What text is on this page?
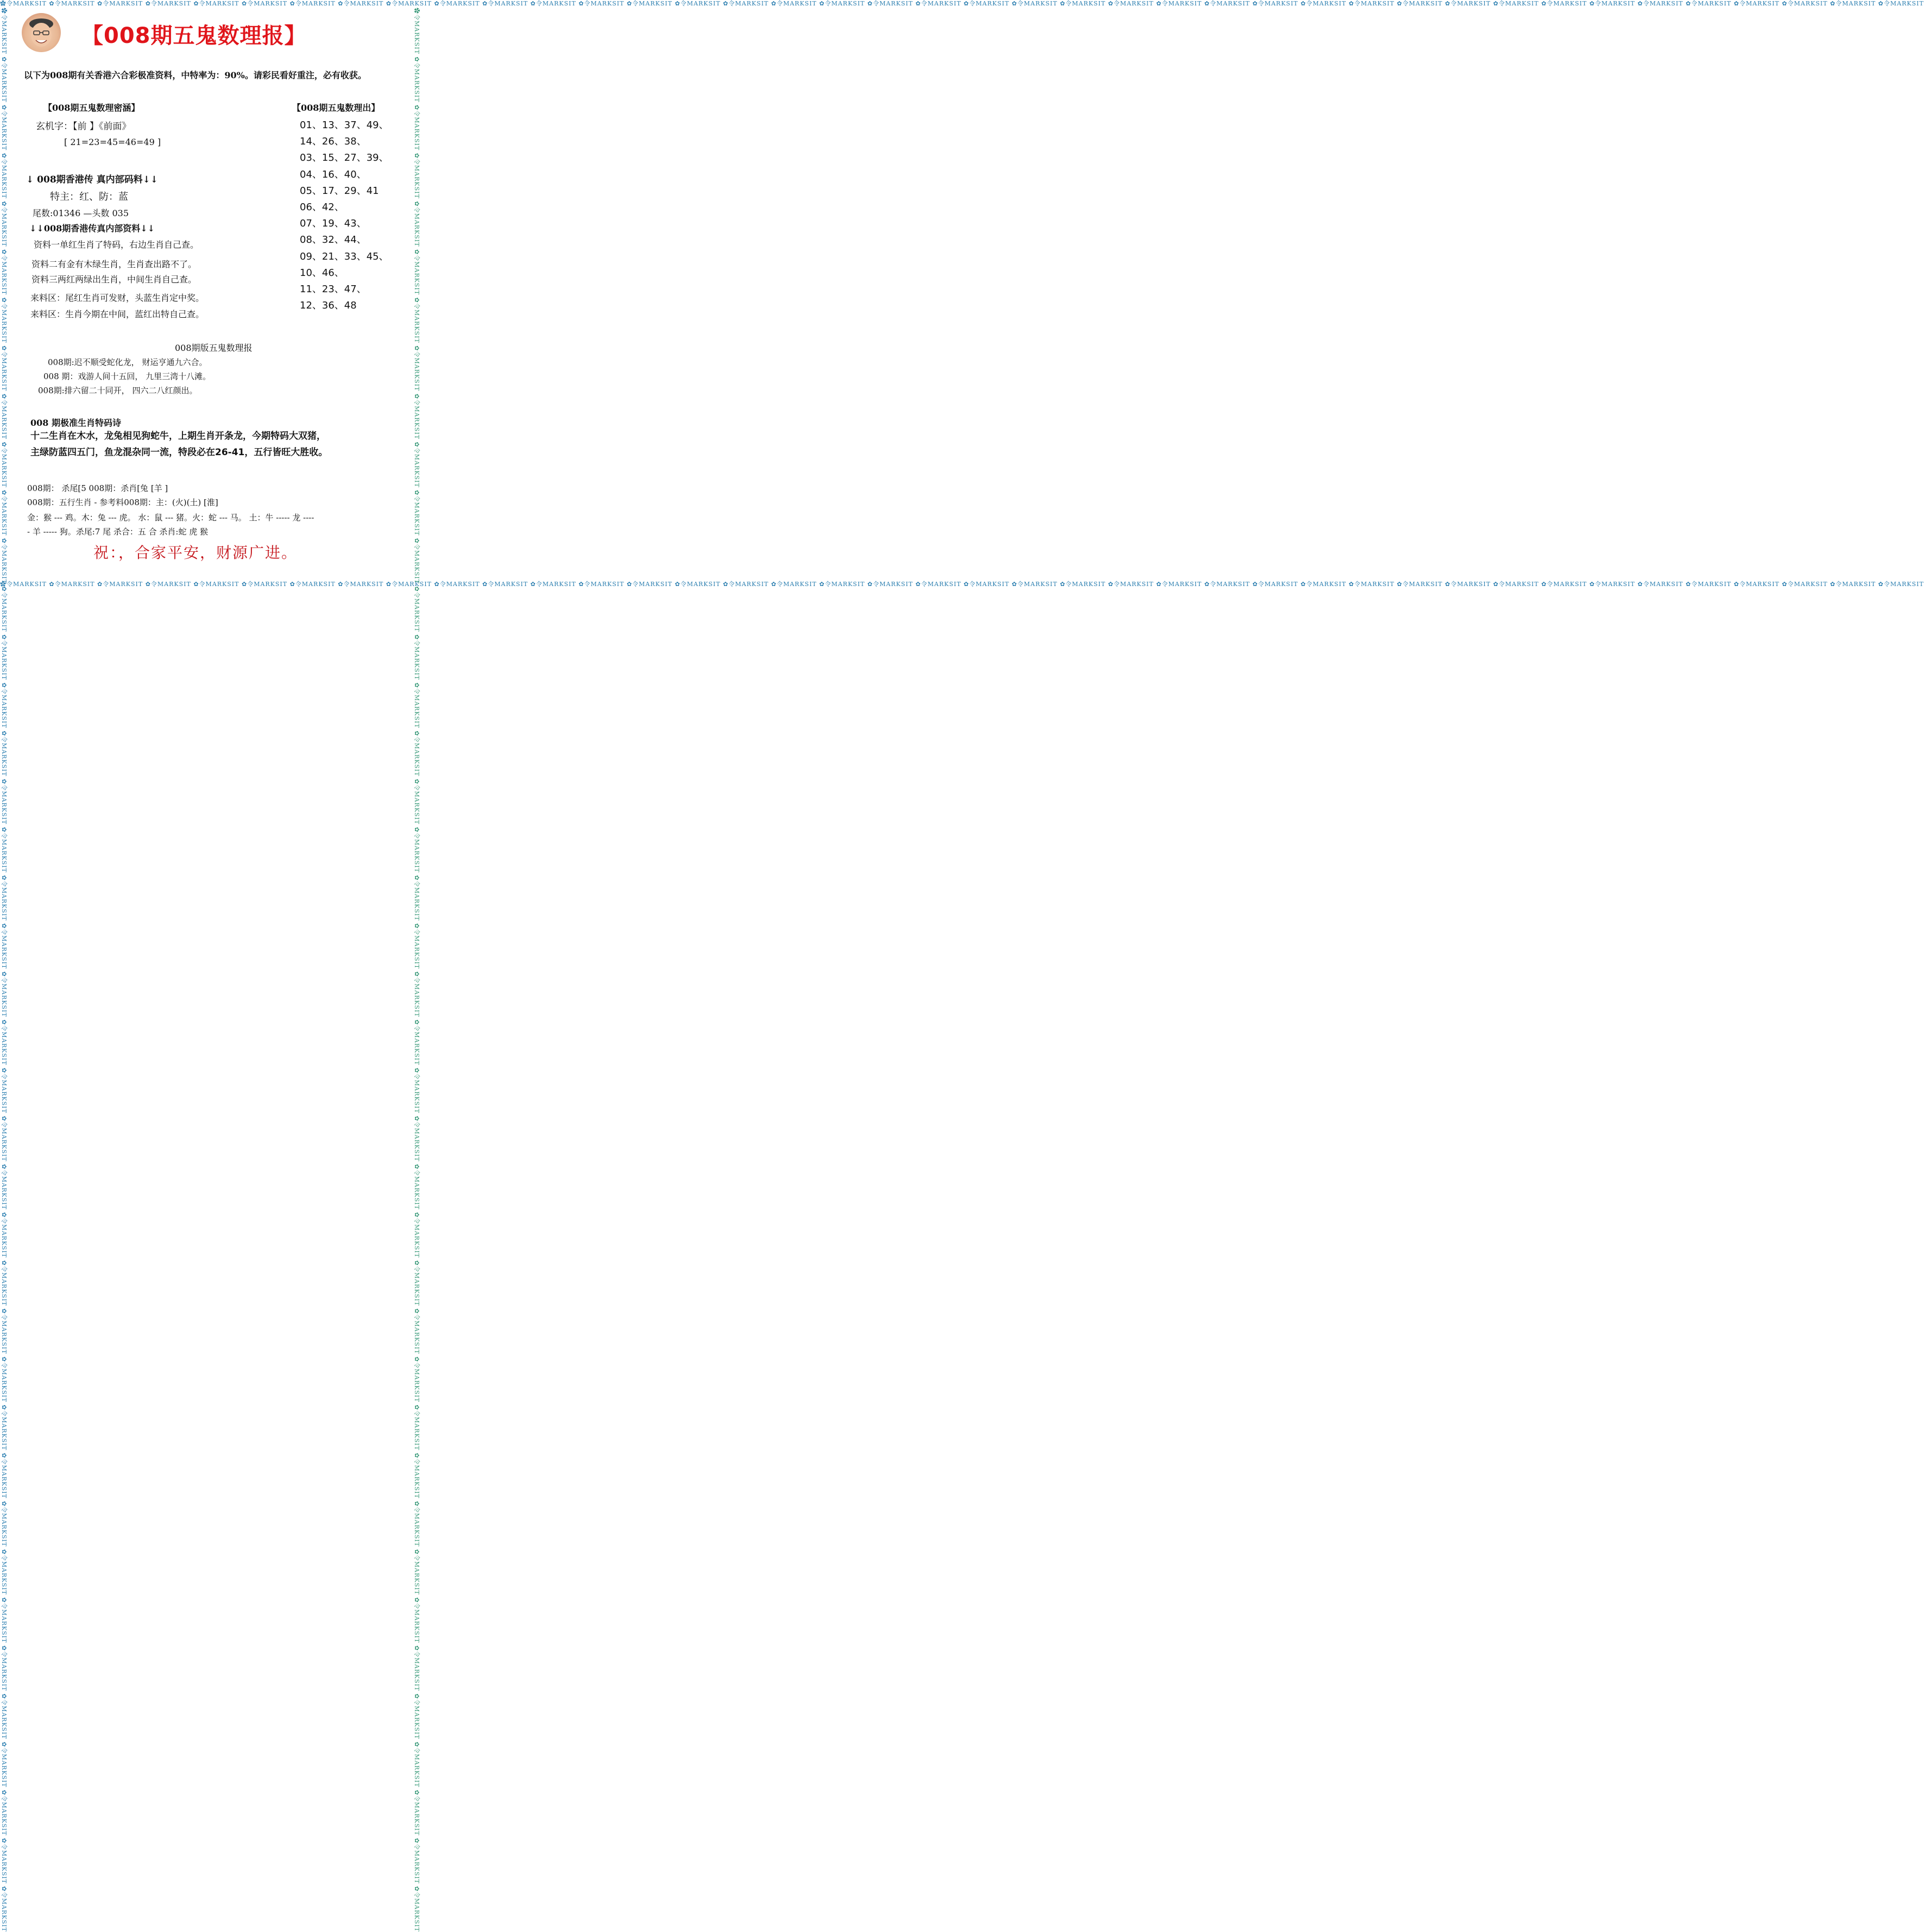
✿令MARKSIT ✿令MARKSIT ✿令MARKSIT ✿令MARKSIT ✿令MARKSIT ✿令MARKSIT ✿令MARKSIT ✿令MARKSIT ✿令MARKSIT ✿令MARKSIT ✿令MARKSIT ✿令MARKSIT ✿令MARKSIT ✿令MARKSIT ✿令MARKSIT ✿令MARKSIT ✿令MARKSIT ✿令MARKSIT ✿令MARKSIT ✿令MARKSIT ✿令MARKSIT ✿令MARKSIT ✿令MARKSIT ✿令MARKSIT ✿令MARKSIT ✿令MARKSIT ✿令MARKSIT ✿令MARKSIT ✿令MARKSIT ✿令MARKSIT ✿令MARKSIT ✿令MARKSIT ✿令MARKSIT ✿令MARKSIT ✿令MARKSIT ✿令MARKSIT ✿令MARKSIT ✿令MARKSIT ✿令MARKSIT ✿令MARKSIT
✿令MARKSIT ✿令MARKSIT ✿令MARKSIT ✿令MARKSIT ✿令MARKSIT ✿令MARKSIT ✿令MARKSIT ✿令MARKSIT ✿令MARKSIT ✿令MARKSIT ✿令MARKSIT ✿令MARKSIT ✿令MARKSIT ✿令MARKSIT ✿令MARKSIT ✿令MARKSIT ✿令MARKSIT ✿令MARKSIT ✿令MARKSIT ✿令MARKSIT ✿令MARKSIT ✿令MARKSIT ✿令MARKSIT ✿令MARKSIT ✿令MARKSIT ✿令MARKSIT ✿令MARKSIT ✿令MARKSIT ✿令MARKSIT ✿令MARKSIT ✿令MARKSIT ✿令MARKSIT ✿令MARKSIT ✿令MARKSIT ✿令MARKSIT ✿令MARKSIT ✿令MARKSIT ✿令MARKSIT ✿令MARKSIT ✿令MARKSIT
✿令MARKSIT ✿令MARKSIT ✿令MARKSIT ✿令MARKSIT ✿令MARKSIT ✿令MARKSIT ✿令MARKSIT ✿令MARKSIT ✿令MARKSIT ✿令MARKSIT ✿令MARKSIT ✿令MARKSIT ✿令MARKSIT ✿令MARKSIT ✿令MARKSIT ✿令MARKSIT ✿令MARKSIT ✿令MARKSIT ✿令MARKSIT ✿令MARKSIT ✿令MARKSIT ✿令MARKSIT ✿令MARKSIT ✿令MARKSIT ✿令MARKSIT ✿令MARKSIT ✿令MARKSIT ✿令MARKSIT ✿令MARKSIT ✿令MARKSIT ✿令MARKSIT ✿令MARKSIT ✿令MARKSIT ✿令MARKSIT ✿令MARKSIT ✿令MARKSIT ✿令MARKSIT ✿令MARKSIT ✿令MARKSIT ✿令MARKSIT	✿令MARKSIT ✿令MARKSIT ✿令MARKSIT ✿令MARKSIT ✿令MARKSIT ✿令MARKSIT ✿令MARKSIT ✿令MARKSIT ✿令MARKSIT ✿令MARKSIT ✿令MARKSIT ✿令MARKSIT ✿令MARKSIT ✿令MARKSIT ✿令MARKSIT ✿令MARKSIT ✿令MARKSIT ✿令MARKSIT ✿令MARKSIT ✿令MARKSIT ✿令MARKSIT ✿令MARKSIT ✿令MARKSIT ✿令MARKSIT ✿令MARKSIT ✿令MARKSIT ✿令MARKSIT ✿令MARKSIT ✿令MARKSIT ✿令MARKSIT ✿令MARKSIT ✿令MARKSIT ✿令MARKSIT ✿令MARKSIT ✿令MARKSIT ✿令MARKSIT ✿令MARKSIT ✿令MARKSIT ✿令MARKSIT ✿令MARKSIT
【008期五鬼数理报】
以下为008期有关香港六合彩极准资料，中特率为：90%。请彩民看好重注，必有收获。
【008期五鬼数理密涵】
玄机字：【前 】《前面》
[ 21=23=45=46=49 ]
↓ 008期香港传 真内部码料↓↓
特主：红、防：蓝
尾数:01346 —头数 035
↓↓008期香港传真内部资料↓↓
资料一单红生肖了特码，右边生肖自己查。
资料二有金有木绿生肖，生肖查出路不了。
资料三两红两绿出生肖，中间生肖自己查。
来料区：尾红生肖可发财，头蓝生肖定中奖。
来料区：生肖今期在中间，蓝红出特自己查。
【008期五鬼数理出】
01、13、37、49、
14、26、38、
03、15、27、39、
04、16、40、
05、17、29、41
06、42、
07、19、43、
08、32、44、
09、21、33、45、
10、46、
11、23、47、
12、36、48
008期版五鬼数理报
008期:迟不顺受蛇化龙， 财运亨通九六合。
008 期：戏游人间十五回， 九里三湾十八滩。
008期:排六留二十同开， 四六二八红颜出。
008 期极准生肖特码诗
十二生肖在木水，龙兔相见狗蛇牛，上期生肖开条龙，今期特码大双猪，
主绿防蓝四五门，鱼龙混杂同一流，特段必在26-41，五行皆旺大胜收。
008期： 杀尾[5 008期：杀肖[兔 [羊 ]
008期：五行生肖 - 参考料008期：主：(火)(土) [淮]
金：猴 --- 鸡。木：兔 --- 虎。 水：鼠 --- 猪。火：蛇 --- 马。 土：牛 ----- 龙 ----
- 羊 ----- 狗。杀尾:7 尾 杀合：五 合 杀肖:蛇 虎 猴
祝：，合家平安，财源广进。
